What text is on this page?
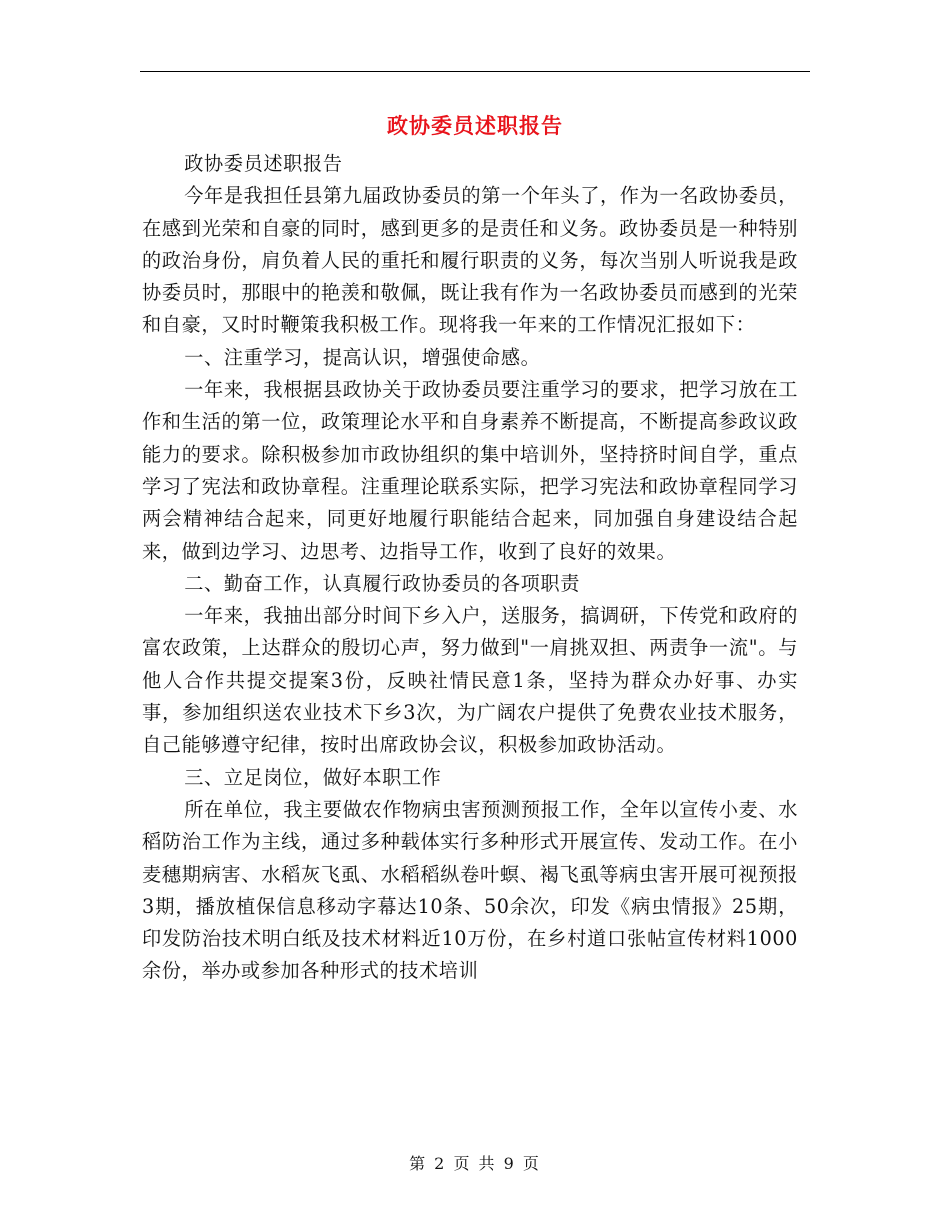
政协委员述职报告

政协委员述职报告

今年是我担任县第九届政协委员的第一个年头了，作为一名政协委员，在感到光荣和自豪的同时，感到更多的是责任和义务。政协委员是一种特别的政治身份，肩负着人民的重托和履行职责的义务，每次当别人听说我是政协委员时，那眼中的艳羡和敬佩，既让我有作为一名政协委员而感到的光荣和自豪，又时时鞭策我积极工作。现将我一年来的工作情况汇报如下：

一、注重学习，提高认识，增强使命感。

一年来，我根据县政协关于政协委员要注重学习的要求，把学习放在工作和生活的第一位，政策理论水平和自身素养不断提高，不断提高参政议政能力的要求。除积极参加市政协组织的集中培训外，坚持挤时间自学，重点学习了宪法和政协章程。注重理论联系实际，把学习宪法和政协章程同学习两会精神结合起来，同更好地履行职能结合起来，同加强自身建设结合起来，做到边学习、边思考、边指导工作，收到了良好的效果。

二、勤奋工作，认真履行政协委员的各项职责

一年来，我抽出部分时间下乡入户，送服务，搞调研，下传党和政府的富农政策，上达群众的殷切心声，努力做到"一肩挑双担、两责争一流"。与他人合作共提交提案3份，反映社情民意1条，坚持为群众办好事、办实事，参加组织送农业技术下乡3次，为广阔农户提供了免费农业技术服务，自己能够遵守纪律，按时出席政协会议，积极参加政协活动。

三、立足岗位，做好本职工作

所在单位，我主要做农作物病虫害预测预报工作，全年以宣传小麦、水稻防治工作为主线，通过多种载体实行多种形式开展宣传、发动工作。在小麦穗期病害、水稻灰飞虱、水稻稻纵卷叶螟、褐飞虱等病虫害开展可视预报3期，播放植保信息移动字幕达10条、50余次，印发《病虫情报》25期，印发防治技术明白纸及技术材料近10万份，在乡村道口张帖宣传材料1000余份，举办或参加各种形式的技术培训

第 2 页 共 9 页
